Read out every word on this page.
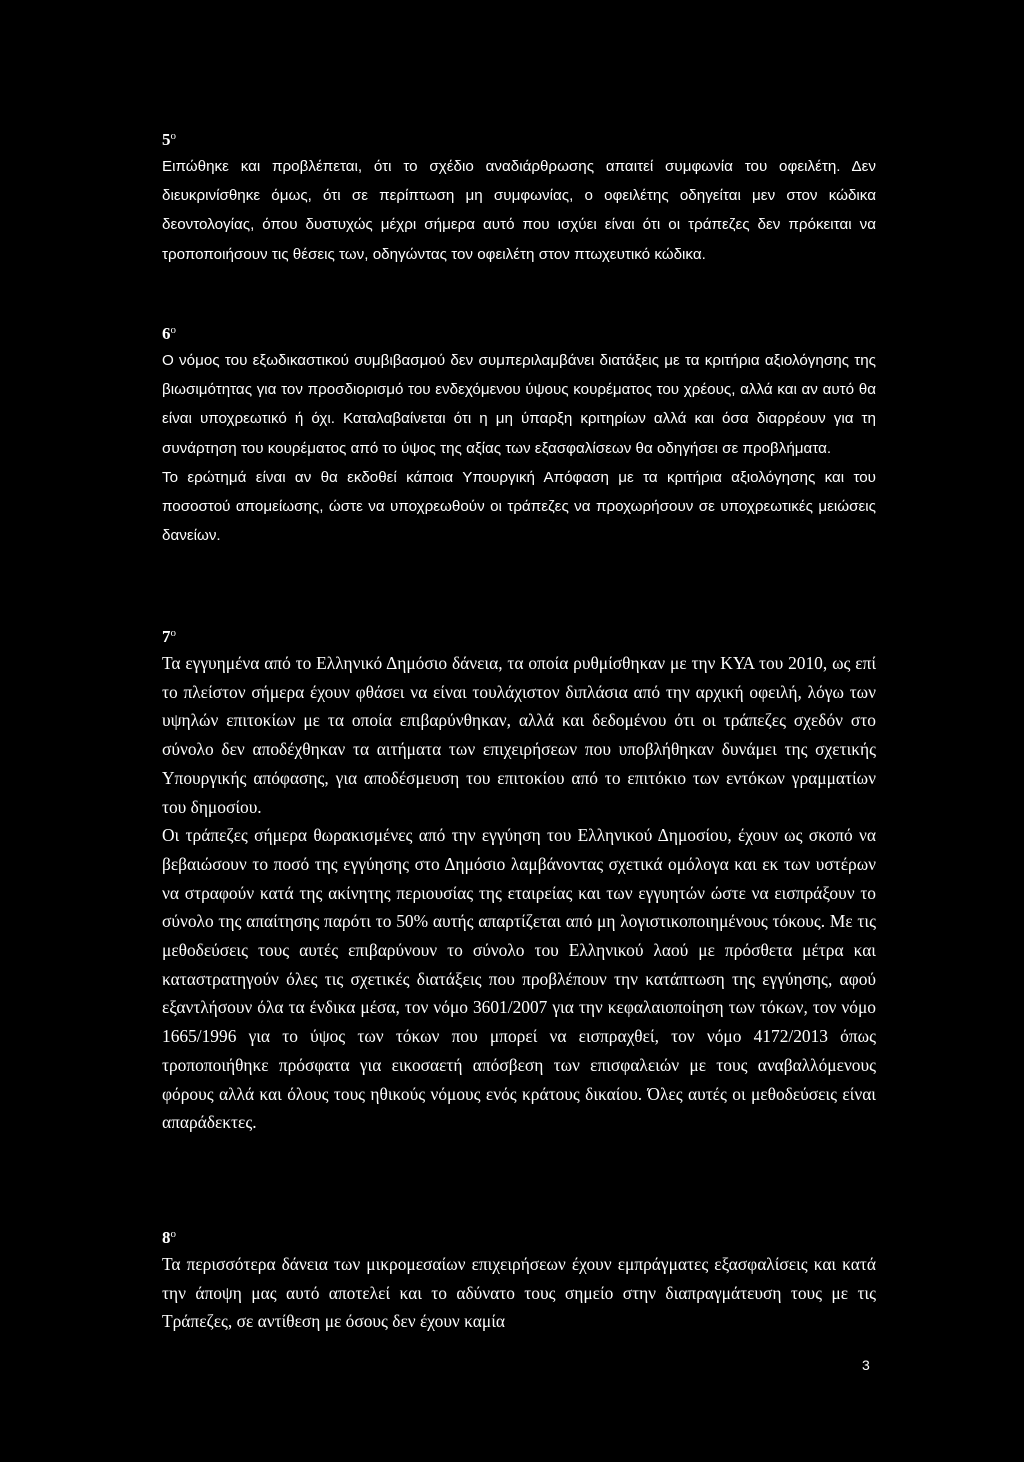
$5^o$

Ειπώθηκε και προβλέπεται, ότι το σχέδιο αναδιάρθρωσης απαιτεί συμφωνία του οφειλέτη. Δεν διευκρινίσθηκε όμως, ότι σε περίπτωση μη συμφωνίας, ο οφειλέτης οδηγείται μεν στον κώδικα δεοντολογίας, όπου δυστυχώς μέχρι σήμερα αυτό που ισχύει είναι ότι οι τράπεζες δεν πρόκειται να τροποποιήσουν τις θέσεις των, οδηγώντας τον οφειλέτη στον πτωχευτικό κώδικα.

$6^o$

Ο νόμος του εξωδικαστικού συμβιβασμού δεν συμπεριλαμβάνει διατάξεις με τα κριτήρια αξιολόγησης της βιωσιμότητας για τον προσδιορισμό του ενδεχόμενου ύψους κουρέματος του χρέους, αλλά και αν αυτό θα είναι υποχρεωτικό ή όχι. Καταλαβαίνεται ότι η μη ύπαρξη κριτηρίων αλλά και όσα διαρρέουν για τη συνάρτηση του κουρέματος από το ύψος της αξίας των εξασφαλίσεων θα οδηγήσει σε προβλήματα.

Το ερώτημά είναι αν θα εκδοθεί κάποια Υπουργική Απόφαση με τα κριτήρια αξιολόγησης και του ποσοστού απομείωσης, ώστε να υποχρεωθούν οι τράπεζες να προχωρήσουν σε υποχρεωτικές μειώσεις δανείων.

$7^o$

Τα εγγυημένα από το Ελληνικό Δημόσιο δάνεια, τα οποία ρυθμίσθηκαν με την ΚΥΑ του 2010, ως επί το πλείστον σήμερα έχουν φθάσει να είναι τουλάχιστον διπλάσια από την αρχική οφειλή, λόγω των υψηλών επιτοκίων με τα οποία επιβαρύνθηκαν, αλλά και δεδομένου ότι οι τράπεζες σχεδόν στο σύνολο δεν αποδέχθηκαν τα αιτήματα των επιχειρήσεων που υποβλήθηκαν δυνάμει της σχετικής Υπουργικής απόφασης, για αποδέσμευση του επιτοκίου από το επιτόκιο των εντόκων γραμματίων του δημοσίου.

Οι τράπεζες σήμερα θωρακισμένες από την εγγύηση του Ελληνικού Δημοσίου, έχουν ως σκοπό να βεβαιώσουν το ποσό της εγγύησης στο Δημόσιο λαμβάνοντας σχετικά ομόλογα και εκ των υστέρων να στραφούν κατά της ακίνητης περιουσίας της εταιρείας και των εγγυητών ώστε να εισπράξουν το σύνολο της απαίτησης παρότι το 50% αυτής απαρτίζεται από μη λογιστικοποιημένους τόκους. Με τις μεθοδεύσεις τους αυτές επιβαρύνουν το σύνολο του Ελληνικού λαού με πρόσθετα μέτρα και καταστρατηγούν όλες τις σχετικές διατάξεις που προβλέπουν την κατάπτωση της εγγύησης, αφού εξαντλήσουν όλα τα ένδικα μέσα, τον νόμο 3601/2007 για την κεφαλαιοποίηση των τόκων, τον νόμο 1665/1996 για το ύψος των τόκων που μπορεί να εισπραχθεί, τον νόμο 4172/2013 όπως τροποποιήθηκε πρόσφατα για εικοσαετή απόσβεση των επισφαλειών με τους αναβαλλόμενους φόρους αλλά και όλους τους ηθικούς νόμους ενός κράτους δικαίου. Όλες αυτές οι μεθοδεύσεις είναι απαράδεκτες.

$8^o$

Τα περισσότερα δάνεια των μικρομεσαίων επιχειρήσεων έχουν εμπράγματες εξασφαλίσεις και κατά την άποψη μας αυτό αποτελεί και το αδύνατο τους σημείο στην διαπραγμάτευση τους με τις Τράπεζες, σε αντίθεση με όσους δεν έχουν καμία

3
